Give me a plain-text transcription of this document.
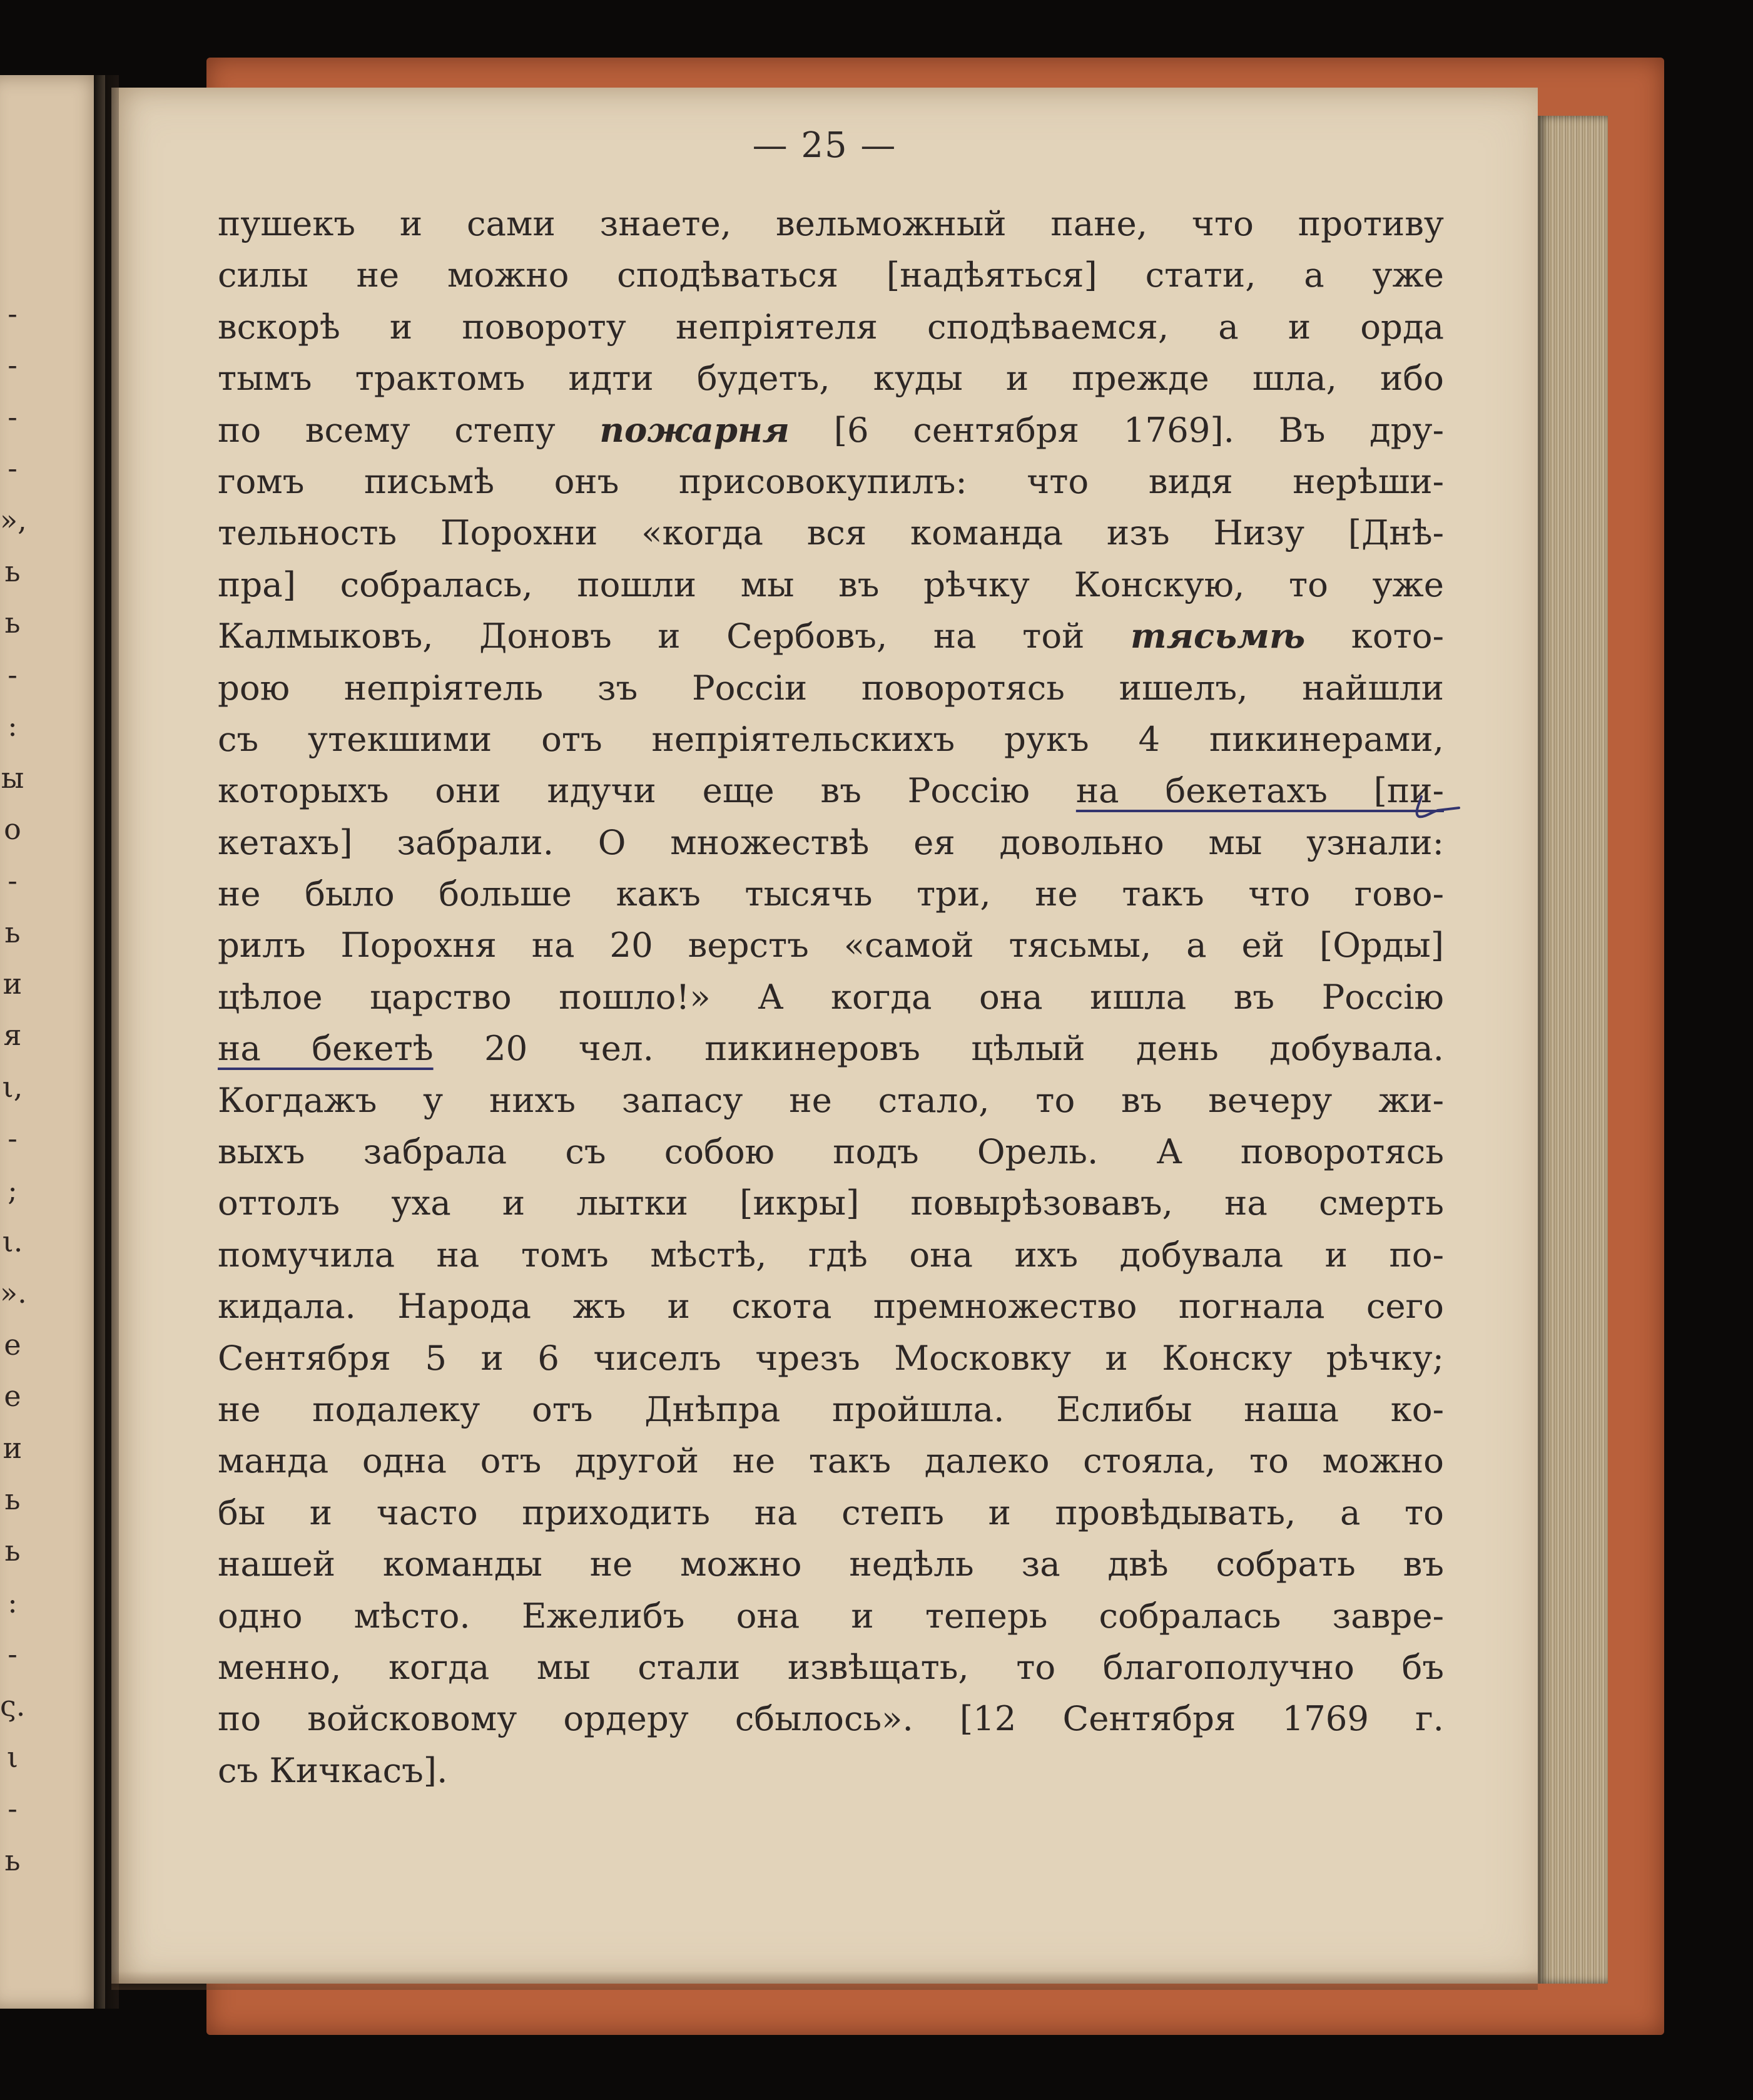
-
-
-
-
»,
ь
ь
-
:
ы
о
-
ь
и
я
ι,
-
;
ι.
».
е
е
и
ь
ь
:
-
ς.
ι
-
ь

— 25 —

пушекъ и сами знаете, вельможный пане, что противу
силы не можно сподѣваться [надѣяться] стати, а уже
вскорѣ и повороту непріятеля сподѣваемся, а и орда
тымъ трактомъ идти будетъ, куды и прежде шла, ибо
по всему степу пожарня [6 сентября 1769]. Въ дру-
гомъ письмѣ онъ присовокупилъ: что видя нерѣши-
тельность Порохни «когда вся команда изъ Низу [Днѣ-
пра] собралась, пошли мы въ рѣчку Конскую, то уже
Калмыковъ, Доновъ и Сербовъ, на той тясьмѣ кото-
рою непріятель зъ Россіи поворотясь ишелъ, найшли
съ утекшими отъ непріятельскихъ рукъ 4 пикинерами,
которыхъ они идучи еще въ Россію на бекетахъ [пи-
кетахъ] забрали. О множествѣ ея довольно мы узнали:
не было больше какъ тысячь три, не такъ что гово-
рилъ Порохня на 20 верстъ «самой тясьмы, а ей [Орды]
цѣлое царство пошло!» А когда она ишла въ Россію
на бекетѣ 20 чел. пикинеровъ цѣлый день добувала.
Когдажъ у нихъ запасу не стало, то въ вечеру жи-
выхъ забрала съ собою подъ Орель. А поворотясь
оттолъ уха и лытки [икры] повырѣзовавъ, на смерть
помучила на томъ мѣстѣ, гдѣ она ихъ добувала и по-
кидала. Народа жъ и скота премножество погнала сего
Сентября 5 и 6 чиселъ чрезъ Московку и Конску рѣчку;
не подалеку отъ Днѣпра пройшла. Еслибы наша ко-
манда одна отъ другой не такъ далеко стояла, то можно
бы и часто приходить на степъ и провѣдывать, а то
нашей команды не можно недѣль за двѣ собрать въ
одно мѣсто. Ежелибъ она и теперь собралась завре-
менно, когда мы стали извѣщать, то благополучно бъ
по войсковому ордеру сбылось». [12 Сентября 1769 г.
съ Кичкасъ].
